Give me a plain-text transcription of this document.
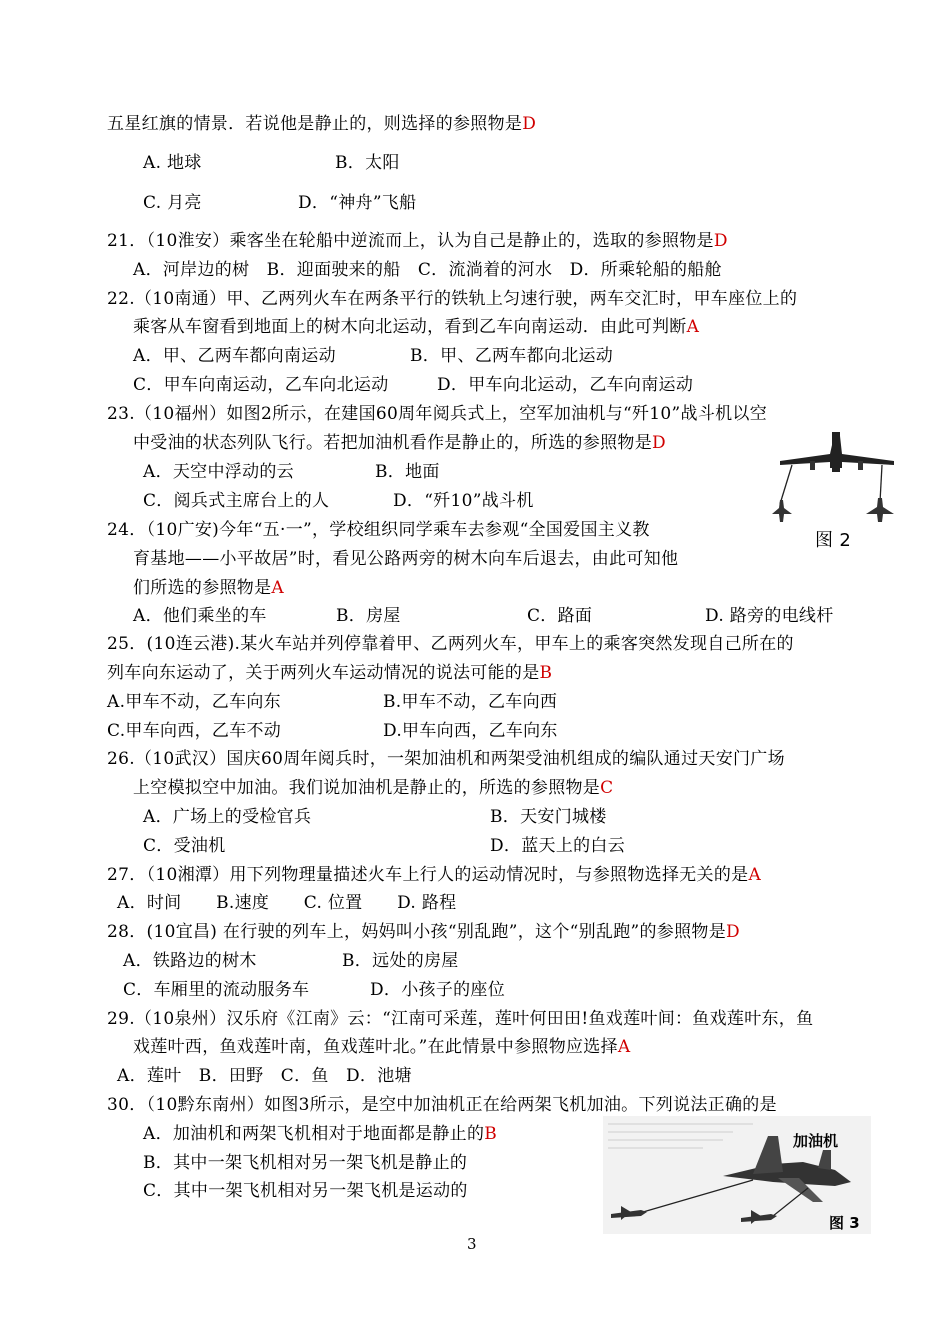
五星红旗的情景．若说他是静止的，则选择的参照物是D
A. 地球	B．太阳
C. 月亮	D．“神舟”飞船
21．（10淮安）乘客坐在轮船中逆流而上，认为自己是静止的，选取的参照物是D
A．河岸边的树　B．迎面驶来的船　C．流淌着的河水　D．所乘轮船的船舱
22.（10南通）甲、乙两列火车在两条平行的铁轨上匀速行驶，两车交汇时，甲车座位上的
乘客从车窗看到地面上的树木向北运动，看到乙车向南运动．由此可判断A
A．甲、乙两车都向南运动	B．甲、乙两车都向北运动
C．甲车向南运动，乙车向北运动	D．甲车向北运动，乙车向南运动
23.（10福州）如图2所示，在建国60周年阅兵式上，空军加油机与“歼10”战斗机以空
中受油的状态列队飞行。若把加油机看作是静止的，所选的参照物是D
A．天空中浮动的云	B．地面
C．阅兵式主席台上的人	D．“歼10”战斗机
图 2
24．（10广安)今年“五·一”，学校组织同学乘车去参观“全国爱国主义教
育基地——小平故居”时，看见公路两旁的树木向车后退去，由此可知他
们所选的参照物是A
A．他们乘坐的车	B．房屋	C．路面	D. 路旁的电线杆
25．(10连云港).某火车站并列停靠着甲、乙两列火车，甲车上的乘客突然发现自己所在的
列车向东运动了，关于两列火车运动情况的说法可能的是B
A.甲车不动，乙车向东	B.甲车不动，乙车向西
C.甲车向西，乙车不动	D.甲车向西，乙车向东
26.（10武汉）国庆60周年阅兵时，一架加油机和两架受油机组成的编队通过天安门广场
上空模拟空中加油。我们说加油机是静止的，所选的参照物是C
A．广场上的受检官兵	B．天安门城楼
C．受油机	D．蓝天上的白云
27．（10湘潭）用下列物理量描述火车上行人的运动情况时，与参照物选择无关的是A
A．时间　　B.速度　　C. 位置　　D. 路程
28．(10宜昌) 在行驶的列车上，妈妈叫小孩“别乱跑”，这个“别乱跑”的参照物是D
A．铁路边的树木	B．远处的房屋
C．车厢里的流动服务车	D．小孩子的座位
29.（10泉州）汉乐府《江南》云：“江南可采莲，莲叶何田田!鱼戏莲叶间：鱼戏莲叶东，鱼
戏莲叶西，鱼戏莲叶南，鱼戏莲叶北。”在此情景中参照物应选择A
A．莲叶　B．田野　C．鱼　D．池塘
30．（10黔东南州）如图3所示，是空中加油机正在给两架飞机加油。下列说法正确的是
A．加油机和两架飞机相对于地面都是静止的B
B．其中一架飞机相对另一架飞机是静止的
C．其中一架飞机相对另一架飞机是运动的
加油机
图 3
3
